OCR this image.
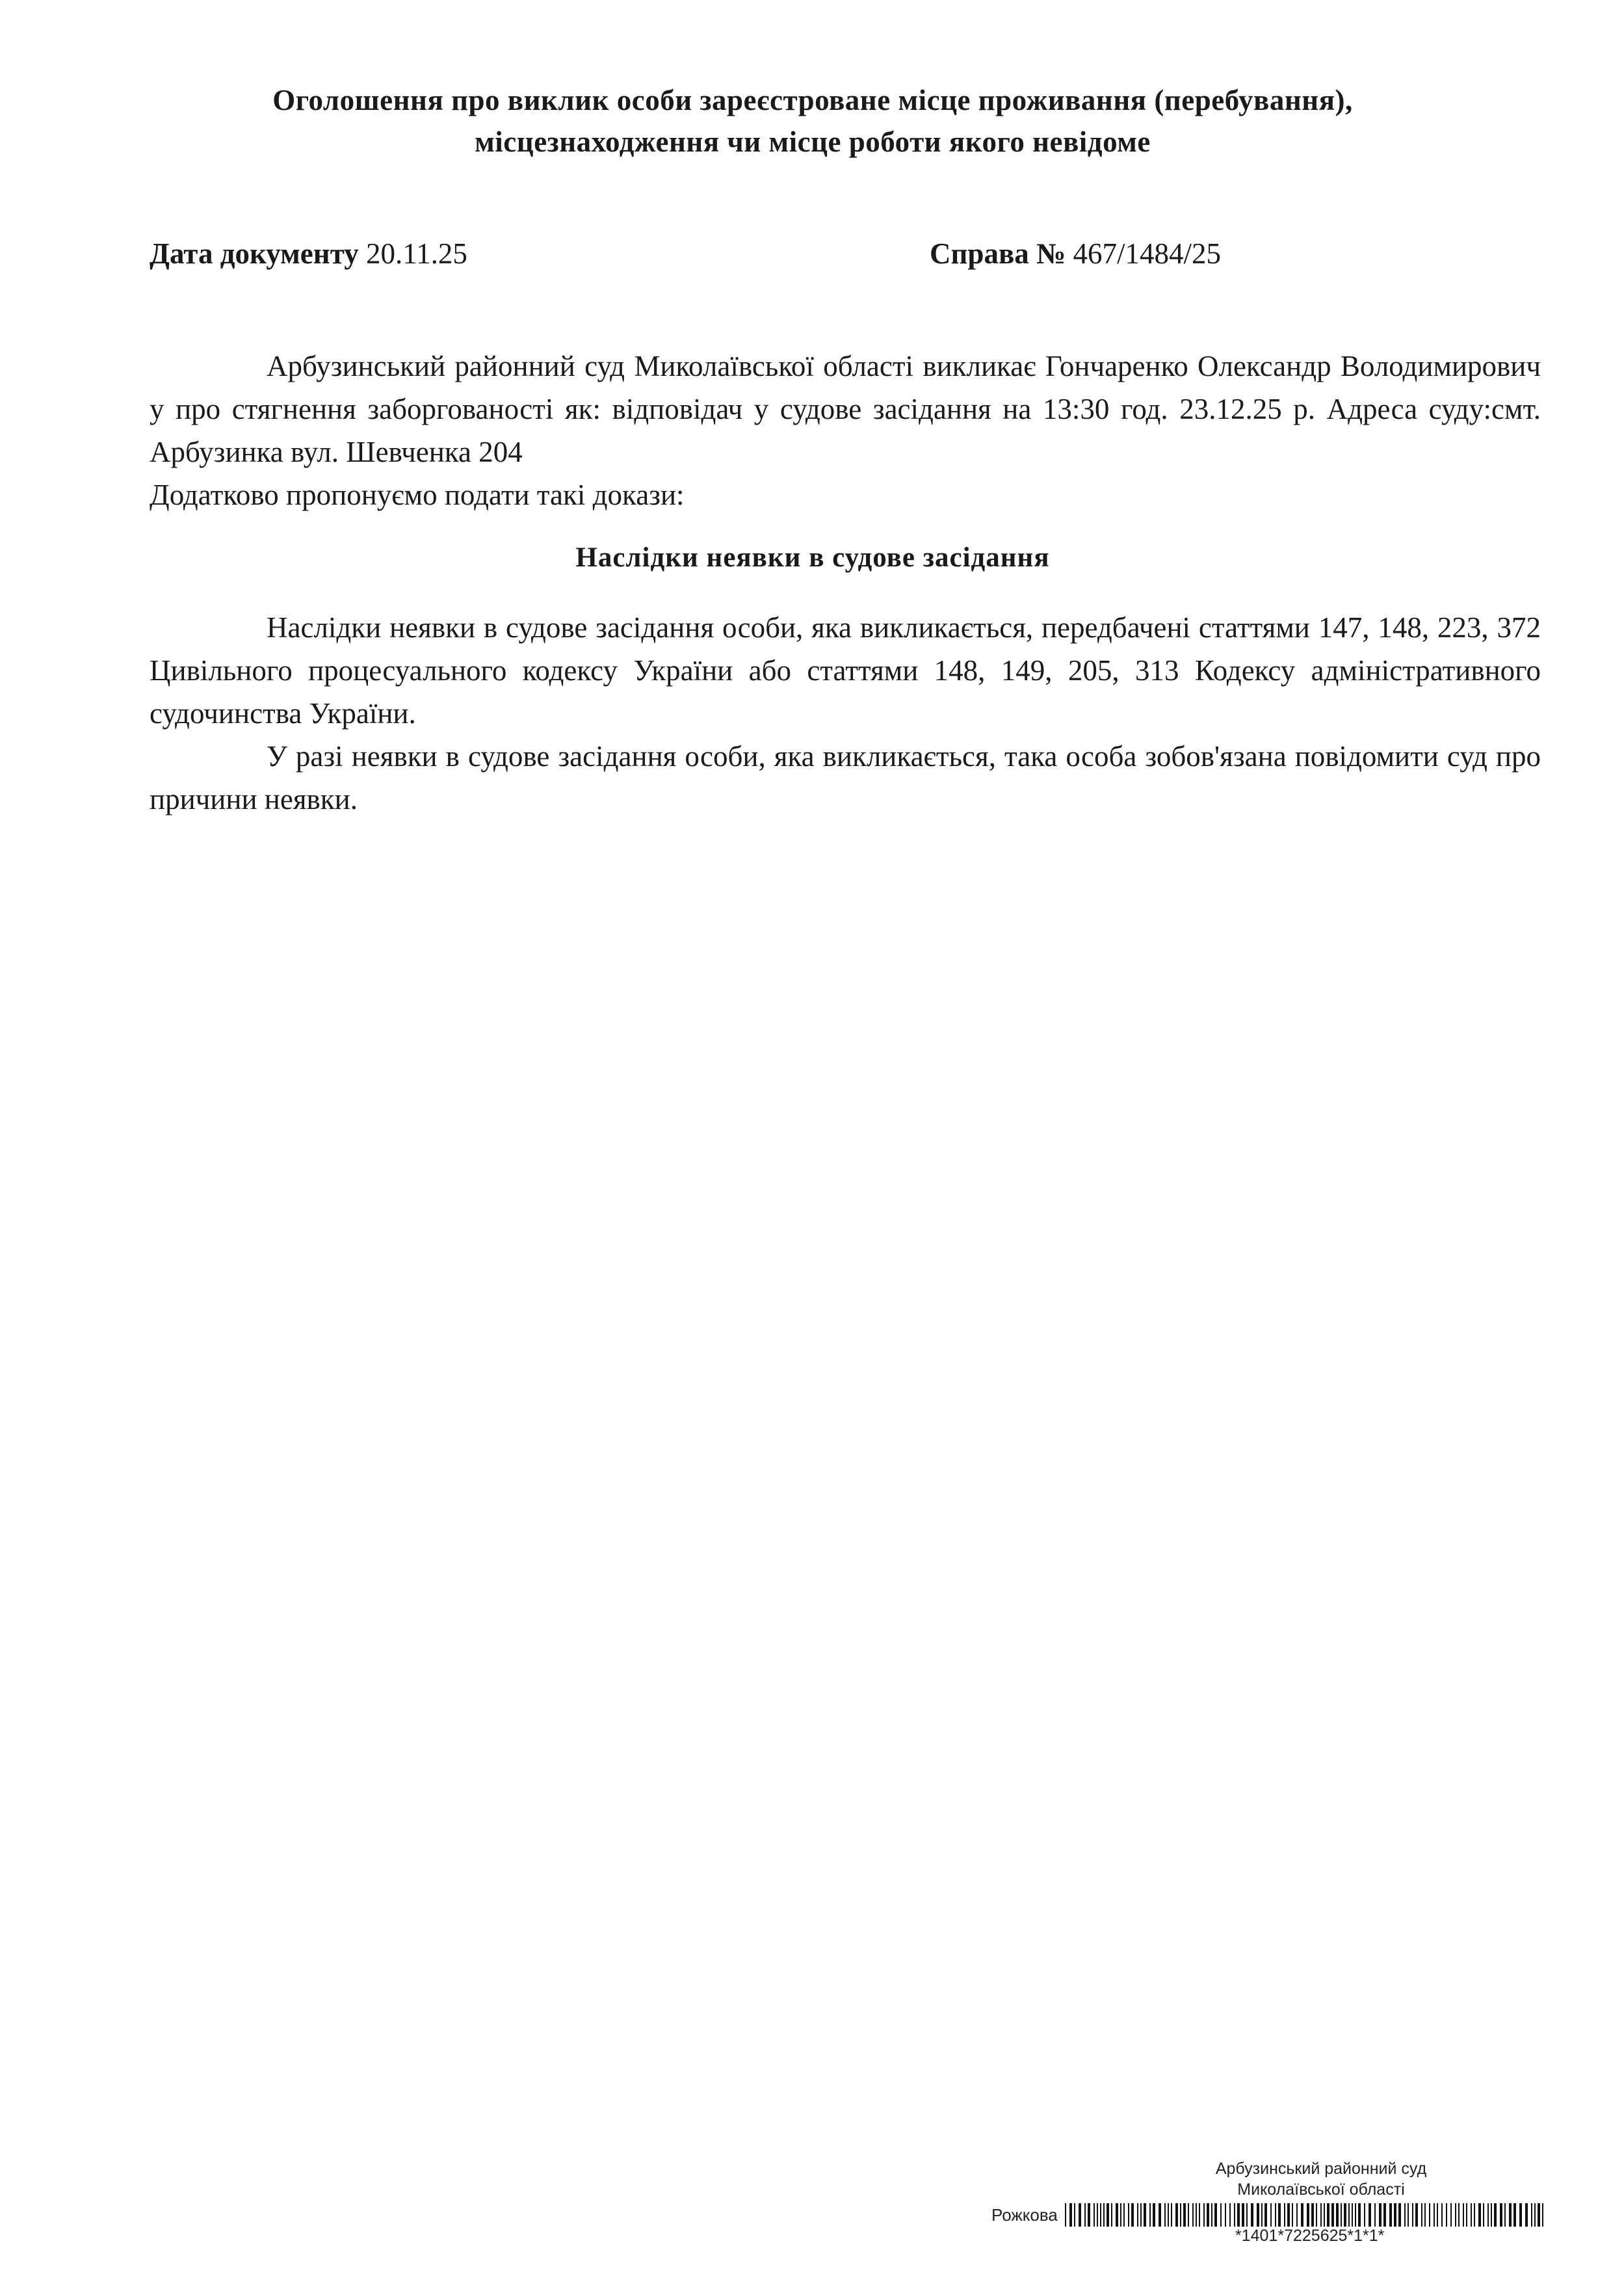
Оголошення про виклик особи зареєстроване місце проживання (перебування),
місцезнаходження чи місце роботи якого невідоме
Дата документу 20.11.25	Справа № 467/1484/25
Арбузинський районний суд Миколаївської області викликає Гончаренко Олександр Володимирович у про стягнення заборгованості як: відповідач у судове засідання на 13:30 год. 23.12.25 р. Адреса суду:смт. Арбузинка вул. Шевченка 204
Додатково пропонуємо подати такі докази:
Наслідки неявки в судове засідання
Наслідки неявки в судове засідання особи, яка викликається, передбачені статтями 147, 148, 223, 372 Цивільного процесуального кодексу України або статтями 148, 149, 205, 313 Кодексу адміністративного судочинства України.
У разі неявки в судове засідання особи, яка викликається, така особа зобов'язана повідомити суд про причини неявки.
Арбузинський районний суд
Миколаївської області
Рожкова
*1401*7225625*1*1*
